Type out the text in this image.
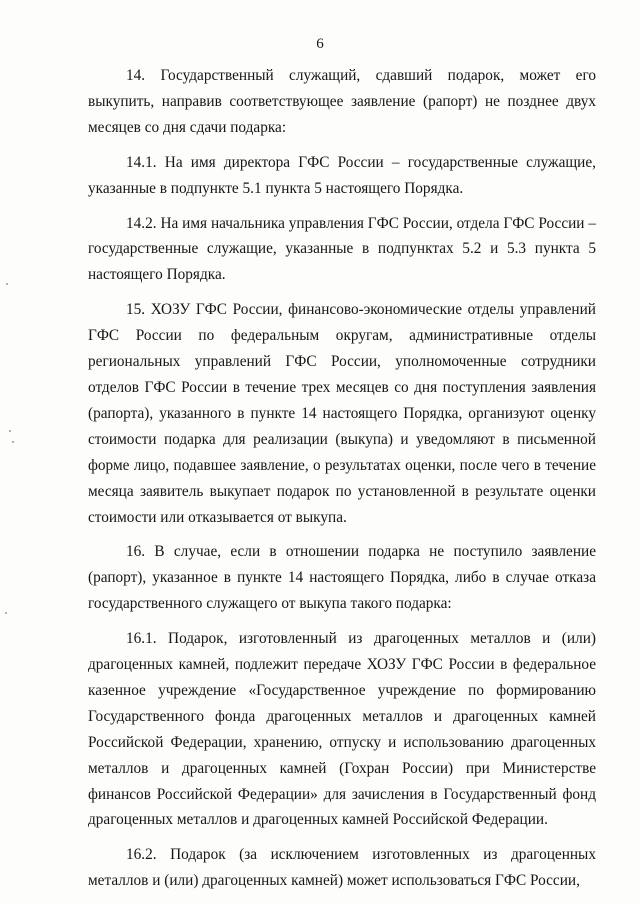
6

14. Государственный служащий, сдавший подарок, может его выкупить, направив соответствующее заявление (рапорт) не позднее двух месяцев со дня сдачи подарка:

14.1. На имя директора ГФС России – государственные служащие, указанные в подпункте 5.1 пункта 5 настоящего Порядка.

14.2. На имя начальника управления ГФС России, отдела ГФС России – государственные служащие, указанные в подпунктах 5.2 и 5.3 пункта 5 настоящего Порядка.

15. ХОЗУ ГФС России, финансово-экономические отделы управлений ГФС России по федеральным округам, административные отделы региональных управлений ГФС России, уполномоченные сотрудники отделов ГФС России в течение трех месяцев со дня поступления заявления (рапорта), указанного в пункте 14 настоящего Порядка, организуют оценку стоимости подарка для реализации (выкупа) и уведомляют в письменной форме лицо, подавшее заявление, о результатах оценки, после чего в течение месяца заявитель выкупает подарок по установленной в результате оценки стоимости или отказывается от выкупа.

16. В случае, если в отношении подарка не поступило заявление (рапорт), указанное в пункте 14 настоящего Порядка, либо в случае отказа государственного служащего от выкупа такого подарка:

16.1. Подарок, изготовленный из драгоценных металлов и (или) драгоценных камней, подлежит передаче ХОЗУ ГФС России в федеральное казенное учреждение «Государственное учреждение по формированию Государственного фонда драгоценных металлов и драгоценных камней Российской Федерации, хранению, отпуску и использованию драгоценных металлов и драгоценных камней (Гохран России) при Министерстве финансов Российской Федерации» для зачисления в Государственный фонд драгоценных металлов и драгоценных камней Российской Федерации.

16.2. Подарок (за исключением изготовленных из драгоценных металлов и (или) драгоценных камней) может использоваться ГФС России,
